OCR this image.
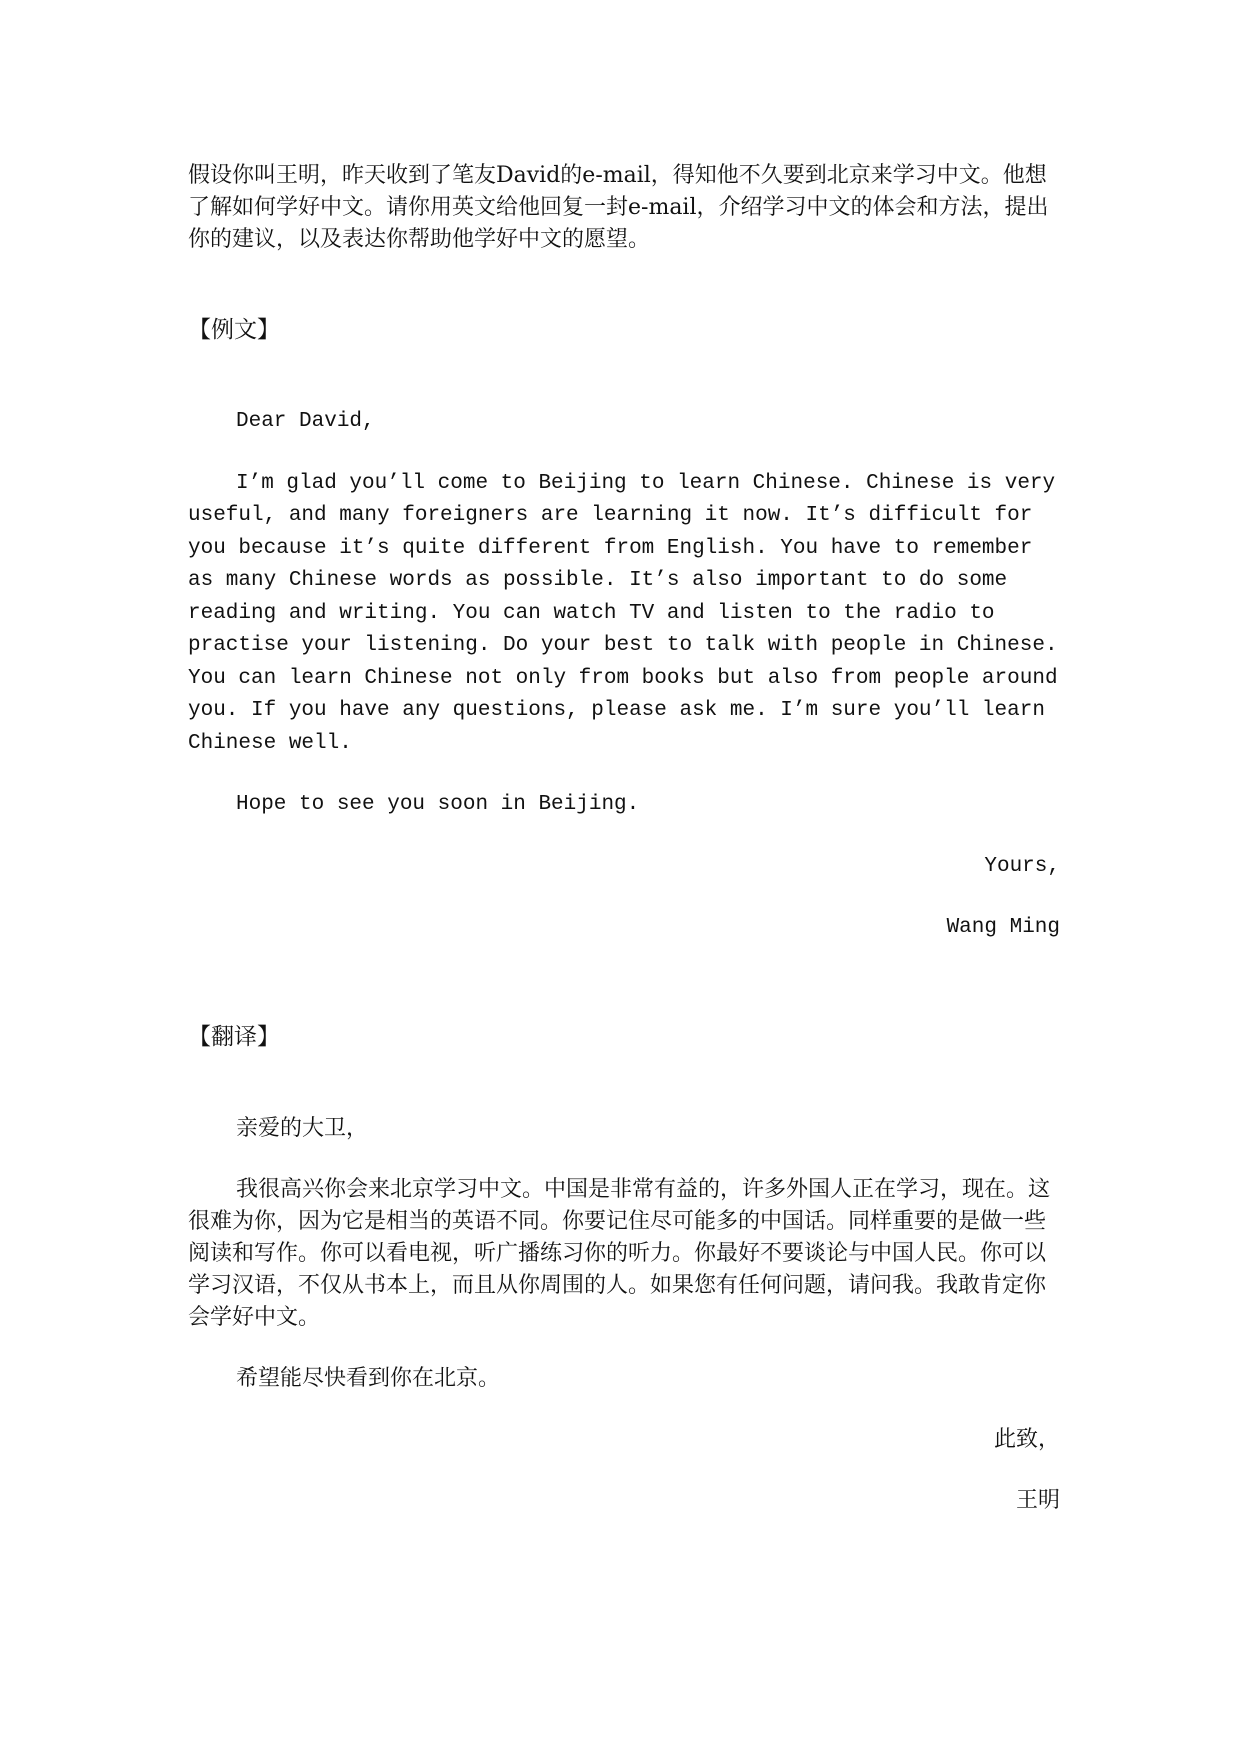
假设你叫王明，昨天收到了笔友David的e-mail，得知他不久要到北京来学习中文。他想了解如何学好中文。请你用英文给他回复一封e-mail，介绍学习中文的体会和方法，提出你的建议，以及表达你帮助他学好中文的愿望。

【例文】

Dear David,

I’m glad you’ll come to Beijing to learn Chinese. Chinese is very useful, and many foreigners are learning it now. It’s difficult for you because it’s quite different from English. You have to remember as many Chinese words as possible. It’s also important to do some reading and writing. You can watch TV and listen to the radio to practise your listening. Do your best to talk with people in Chinese. You can learn Chinese not only from books but also from people around you. If you have any questions, please ask me. I’m sure you’ll learn Chinese well.

Hope to see you soon in Beijing.

Yours,

Wang Ming

【翻译】

亲爱的大卫，

我很高兴你会来北京学习中文。中国是非常有益的，许多外国人正在学习，现在。这很难为你，因为它是相当的英语不同。你要记住尽可能多的中国话。同样重要的是做一些阅读和写作。你可以看电视，听广播练习你的听力。你最好不要谈论与中国人民。你可以学习汉语，不仅从书本上，而且从你周围的人。如果您有任何问题，请问我。我敢肯定你会学好中文。

希望能尽快看到你在北京。

此致，

王明
